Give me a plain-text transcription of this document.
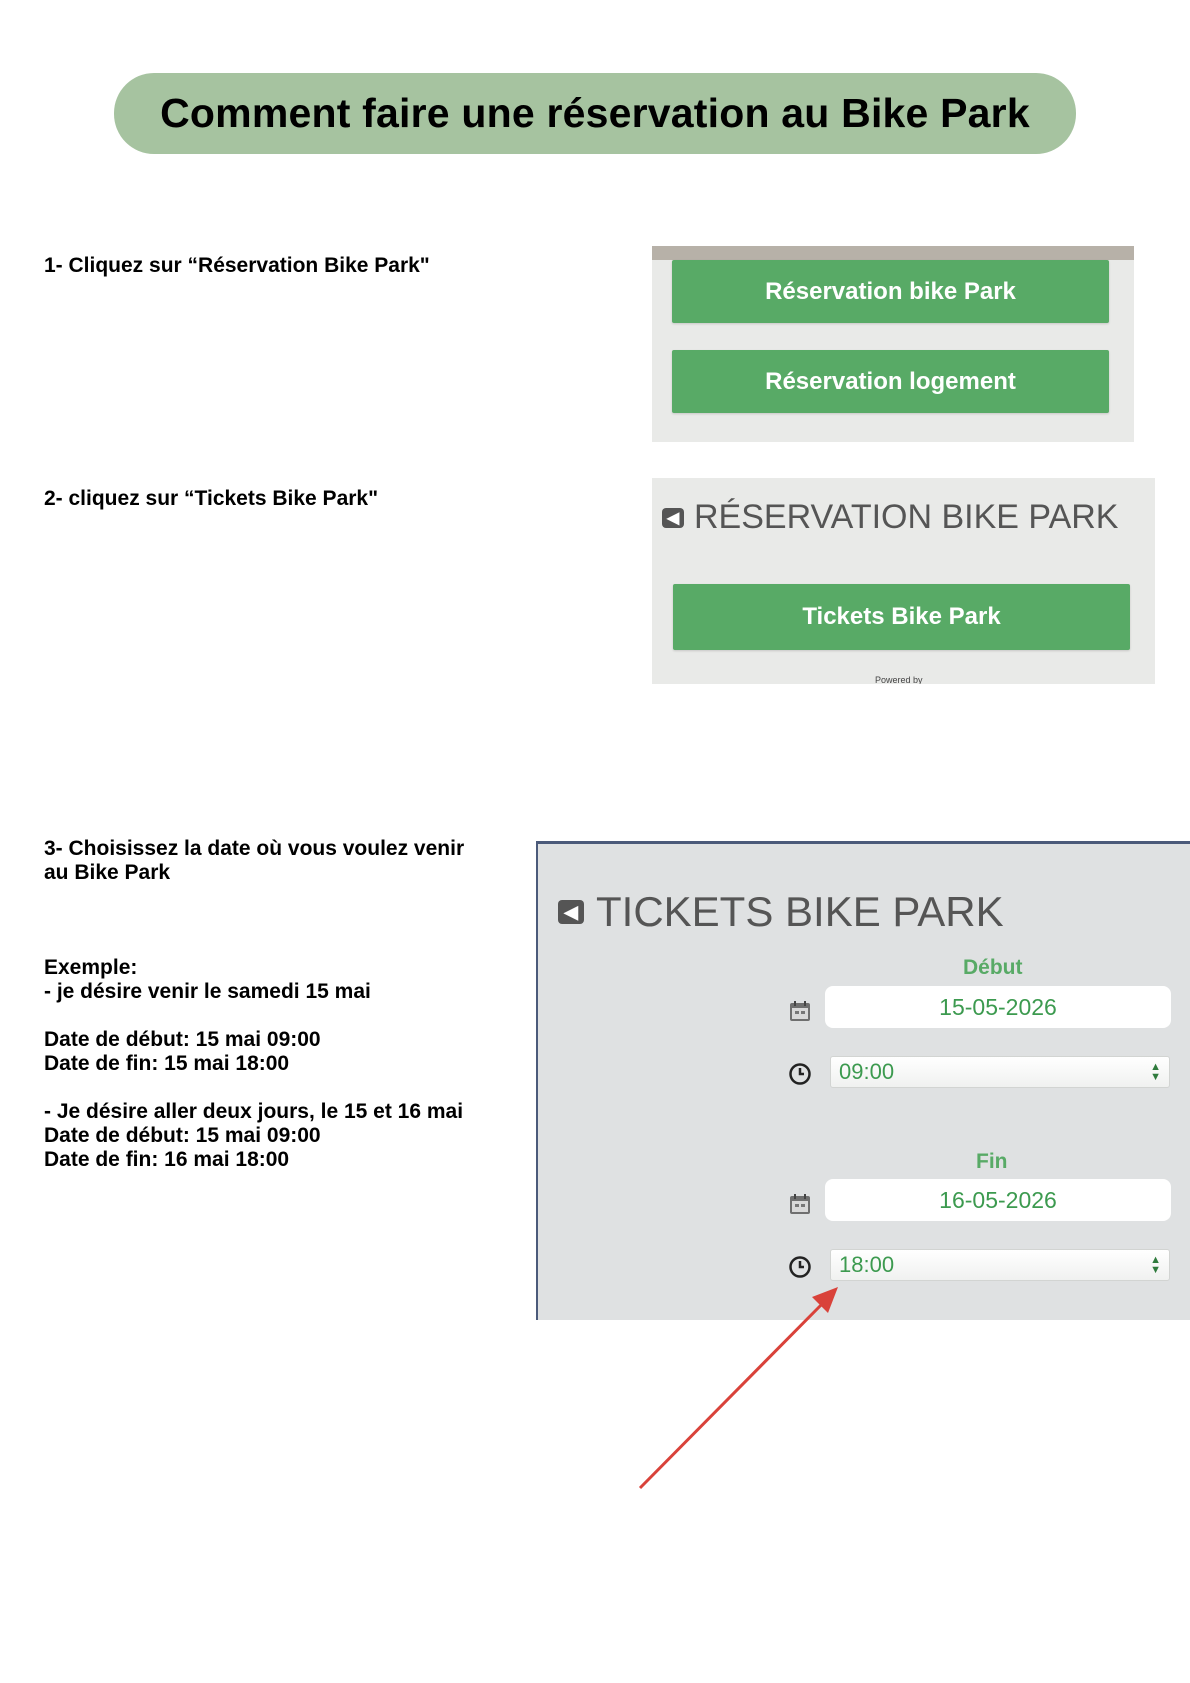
Comment faire une réservation au Bike Park
1- Cliquez sur “Réservation Bike Park"
Réservation bike Park
Réservation logement
2- cliquez sur “Tickets Bike Park"
◀ RÉSERVATION BIKE PARK
Tickets Bike Park
Powered by
3- Choisissez la date où vous voulez venir
au Bike Park
Exemple:
- je désire venir le samedi 15 mai
Date de début: 15 mai 09:00
Date de fin: 15 mai 18:00
- Je désire aller deux jours, le 15 et 16 mai
Date de début: 15 mai 09:00
Date de fin: 16 mai 18:00
◀ TICKETS BIKE PARK
Début
15-05-2026
09:00	▲
▼
Fin
16-05-2026
18:00	▲
▼
